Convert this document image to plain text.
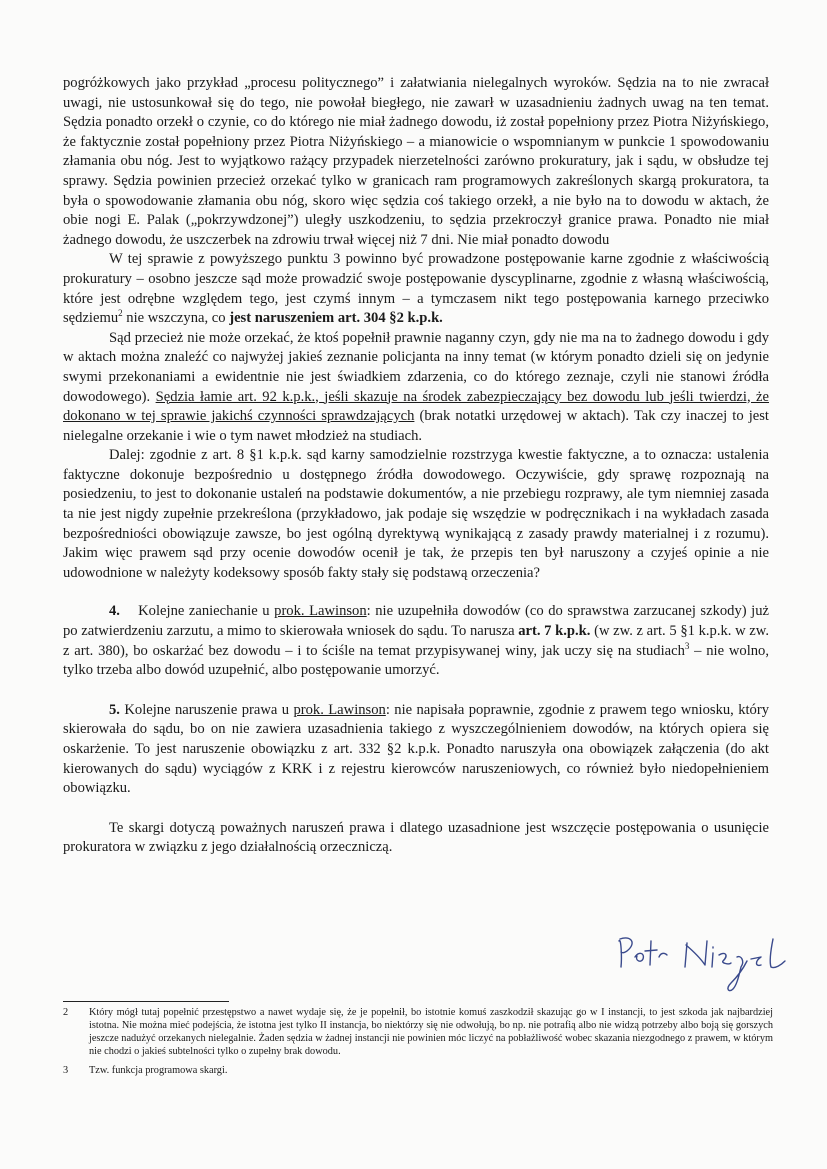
pogróżkowych jako przykład „procesu politycznego” i załatwiania nielegalnych wyroków. Sędzia na to nie zwracał uwagi, nie ustosunkował się do tego, nie powołał biegłego, nie zawarł w uzasadnieniu żadnych uwag na ten temat. Sędzia ponadto orzekł o czynie, co do którego nie miał żadnego dowodu, iż został popełniony przez Piotra Niżyńskiego, że faktycznie został popełniony przez Piotra Niżyńskiego – a mianowicie o wspomnianym w punkcie 1 spowodowaniu złamania obu nóg. Jest to wyjątkowo rażący przypadek nierzetelności zarówno prokuratury, jak i sądu, w obsłudze tej sprawy. Sędzia powinien przecież orzekać tylko w granicach ram programowych zakreślonych skargą prokuratora, ta była o spowodowanie złamania obu nóg, skoro więc sędzia coś takiego orzekł, a nie było na to dowodu w aktach, że obie nogi E. Palak („pokrzywdzonej”) uległy uszkodzeniu, to sędzia przekroczył granice prawa. Ponadto nie miał żadnego dowodu, że uszczerbek na zdrowiu trwał więcej niż 7 dni. Nie miał ponadto dowodu

W tej sprawie z powyższego punktu 3 powinno być prowadzone postępowanie karne zgodnie z właściwością prokuratury – osobno jeszcze sąd może prowadzić swoje postępowanie dyscyplinarne, zgodnie z własną właściwością, które jest odrębne względem tego, jest czymś innym – a tymczasem nikt tego postępowania karnego przeciwko sędziemu$^2$ nie wszczyna, co jest naruszeniem art. 304 §2 k.p.k.

Sąd przecież nie może orzekać, że ktoś popełnił prawnie naganny czyn, gdy nie ma na to żadnego dowodu i gdy w aktach można znaleźć co najwyżej jakieś zeznanie policjanta na inny temat (w którym ponadto dzieli się on jedynie swymi przekonaniami a ewidentnie nie jest świadkiem zdarzenia, co do którego zeznaje, czyli nie stanowi źródła dowodowego). Sędzia łamie art. 92 k.p.k., jeśli skazuje na środek zabezpieczający bez dowodu lub jeśli twierdzi, że dokonano w tej sprawie jakichś czynności sprawdzających (brak notatki urzędowej w aktach). Tak czy inaczej to jest nielegalne orzekanie i wie o tym nawet młodzież na studiach.

Dalej: zgodnie z art. 8 §1 k.p.k. sąd karny samodzielnie rozstrzyga kwestie faktyczne, a to oznacza: ustalenia faktyczne dokonuje bezpośrednio u dostępnego źródła dowodowego. Oczywiście, gdy sprawę rozpoznają na posiedzeniu, to jest to dokonanie ustaleń na podstawie dokumentów, a nie przebiegu rozprawy, ale tym niemniej zasada ta nie jest nigdy zupełnie przekreślona (przykładowo, jak podaje się wszędzie w podręcznikach i na wykładach zasada bezpośredniości obowiązuje zawsze, bo jest ogólną dyrektywą wynikającą z zasady prawdy materialnej i z rozumu). Jakim więc prawem sąd przy ocenie dowodów ocenił je tak, że przepis ten był naruszony a czyjeś opinie a nie udowodnione w należyty kodeksowy sposób fakty stały się podstawą orzeczenia?

4. Kolejne zaniechanie u prok. Lawinson: nie uzupełniła dowodów (co do sprawstwa zarzucanej szkody) już po zatwierdzeniu zarzutu, a mimo to skierowała wniosek do sądu. To narusza art. 7 k.p.k. (w zw. z art. 5 §1 k.p.k. w zw. z art. 380), bo oskarżać bez dowodu – i to ściśle na temat przypisywanej winy, jak uczy się na studiach$^3$ – nie wolno, tylko trzeba albo dowód uzupełnić, albo postępowanie umorzyć.

5. Kolejne naruszenie prawa u prok. Lawinson: nie napisała poprawnie, zgodnie z prawem tego wniosku, który skierowała do sądu, bo on nie zawiera uzasadnienia takiego z wyszczególnieniem dowodów, na których opiera się oskarżenie. To jest naruszenie obowiązku z art. 332 §2 k.p.k. Ponadto naruszyła ona obowiązek załączenia (do akt kierowanych do sądu) wyciągów z KRK i z rejestru kierowców naruszeniowych, co również było niedopełnieniem obowiązku.

Te skargi dotyczą poważnych naruszeń prawa i dlatego uzasadnione jest wszczęcie postępowania o usunięcie prokuratora w związku z jego działalnością orzeczniczą.

2	Który mógł tutaj popełnić przestępstwo a nawet wydaje się, że je popełnił, bo istotnie komuś zaszkodził skazując go w I instancji, to jest szkoda jak najbardziej istotna. Nie można mieć podejścia, że istotna jest tylko II instancja, bo niektórzy się nie odwołują, bo np. nie potrafią albo nie widzą potrzeby albo boją się gorszych jeszcze nadużyć orzekanych nielegalnie. Żaden sędzia w żadnej instancji nie powinien móc liczyć na pobłażliwość wobec skazania niezgodnego z prawem, w którym nie chodzi o jakieś subtelności tylko o zupełny brak dowodu.
3	Tzw. funkcja programowa skargi.
